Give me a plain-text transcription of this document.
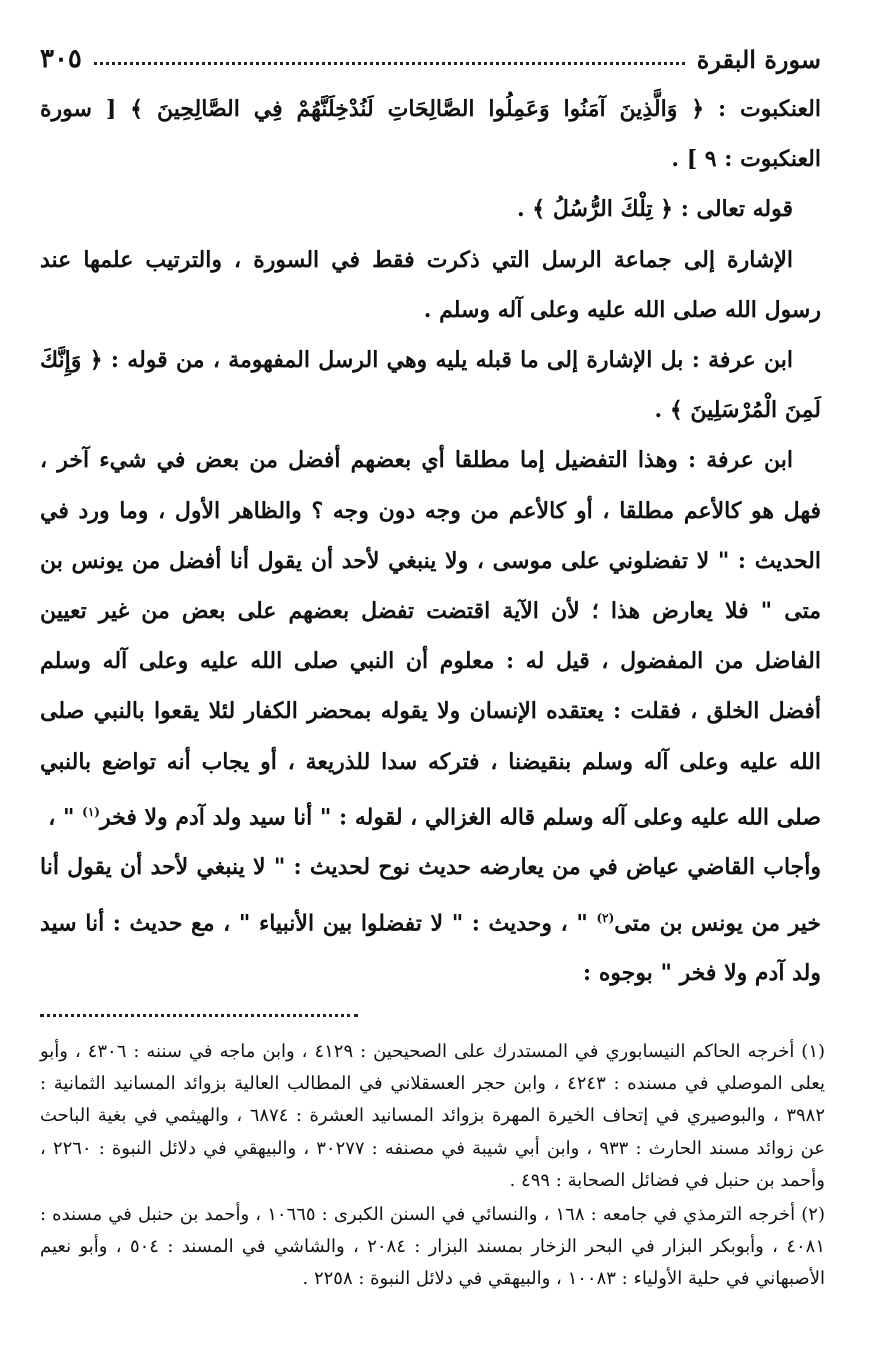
سورة البقرة
٣٠٥

العنكبوت : ﴿ وَالَّذِينَ آمَنُوا وَعَمِلُوا الصَّالِحَاتِ لَنُدْخِلَنَّهُمْ فِي الصَّالِحِينَ ﴾ [ سورة العنكبوت : ٩ ] .

قوله تعالى : ﴿ تِلْكَ الرُّسُلُ ﴾ .

الإشارة إلى جماعة الرسل التي ذكرت فقط في السورة ، والترتيب علمها عند رسول الله صلى الله عليه وعلى آله وسلم .

ابن عرفة : بل الإشارة إلى ما قبله يليه وهي الرسل المفهومة ، من قوله : ﴿ وَإِنَّكَ لَمِنَ الْمُرْسَلِينَ ﴾ .

ابن عرفة : وهذا التفضيل إما مطلقا أي بعضهم أفضل من بعض في شيء آخر ، فهل هو كالأعم مطلقا ، أو كالأعم من وجه دون وجه ؟ والظاهر الأول ، وما ورد في الحديث : " لا تفضلوني على موسى ، ولا ينبغي لأحد أن يقول أنا أفضل من يونس بن متى " فلا يعارض هذا ؛ لأن الآية اقتضت تفضل بعضهم على بعض من غير تعيين الفاضل من المفضول ، قيل له : معلوم أن النبي صلى الله عليه وعلى آله وسلم أفضل الخلق ، فقلت : يعتقده الإنسان ولا يقوله بمحضر الكفار لئلا يقعوا بالنبي صلى الله عليه وعلى آله وسلم بنقيضنا ، فتركه سدا للذريعة ، أو يجاب أنه تواضع بالنبي صلى الله عليه وعلى آله وسلم قاله الغزالي ، لقوله : " أنا سيد ولد آدم ولا فخر$^{(١)}$ " ،

وأجاب القاضي عياض في من يعارضه حديث نوح لحديث : " لا ينبغي لأحد أن يقول أنا خير من يونس بن متى$^{(٢)}$ " ، وحديث : " لا تفضلوا بين الأنبياء " ، مع حديث : أنا سيد ولد آدم ولا فخر " بوجوه :

(١) أخرجه الحاكم النيسابوري في المستدرك على الصحيحين : ٤١٢٩ ، وابن ماجه في سننه : ٤٣٠٦ ، وأبو يعلى الموصلي في مسنده : ٤٢٤٣ ، وابن حجر العسقلاني في المطالب العالية بزوائد المسانيد الثمانية : ٣٩٨٢ ، والبوصيري في إتحاف الخيرة المهرة بزوائد المسانيد العشرة : ٦٨٧٤ ، والهيثمي في بغية الباحث عن زوائد مسند الحارث : ٩٣٣ ، وابن أبي شيبة في مصنفه : ٣٠٢٧٧ ، والبيهقي في دلائل النبوة : ٢٢٦٠ ، وأحمد بن حنبل في فضائل الصحابة : ٤٩٩ .

(٢) أخرجه الترمذي في جامعه : ١٦٨ ، والنسائي في السنن الكبرى : ١٠٦٦٥ ، وأحمد بن حنبل في مسنده : ٤٠٨١ ، وأبوبكر البزار في البحر الزخار بمسند البزار : ٢٠٨٤ ، والشاشي في المسند : ٥٠٤ ، وأبو نعيم الأصبهاني في حلية الأولياء : ١٠٠٨٣ ، والبيهقي في دلائل النبوة : ٢٢٥٨ .
